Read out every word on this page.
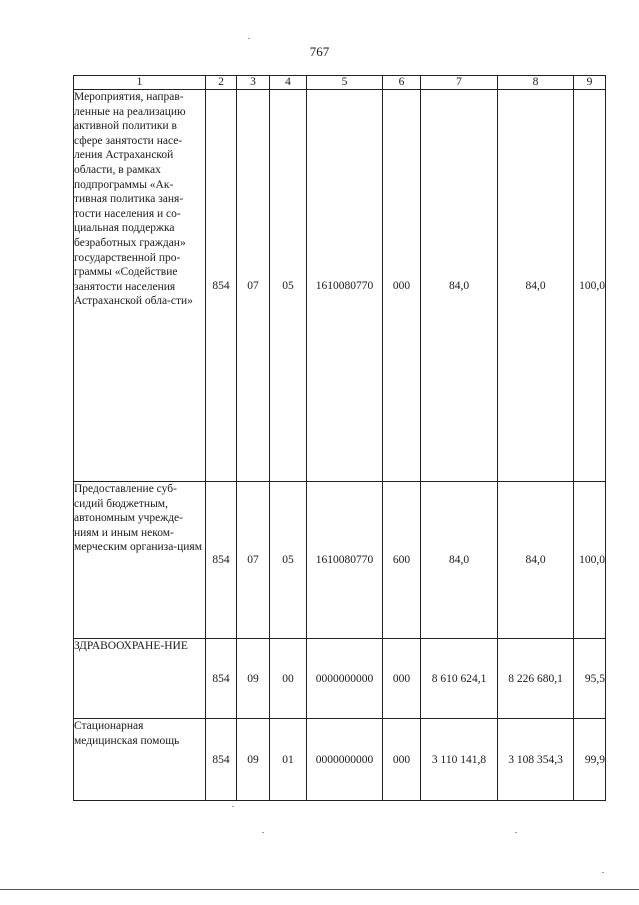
767
1	2	3	4	5	6	7	8	9
Мероприятия, направ-ленные на реализацию активной политики в сфере занятости насе-ления Астраханской области, в рамках подпрограммы «Ак-тивная политика заня-тости населения и со-циальная поддержка безработных граждан» государственной про-граммы «Содействие занятости населения Астраханской обла-сти»	854	07	05	1610080770	000	84,0	84,0	100,0
Предоставление суб-сидий бюджетным, автономным учрежде-ниям и иным неком-мерческим организа-циям	854	07	05	1610080770	600	84,0	84,0	100,0
ЗДРАВООХРАНЕ-НИЕ	854	09	00	0000000000	000	8 610 624,1	8 226 680,1	95,5
Стационарная медицинская помощь	854	09	01	0000000000	000	3 110 141,8	3 108 354,3	99,9
